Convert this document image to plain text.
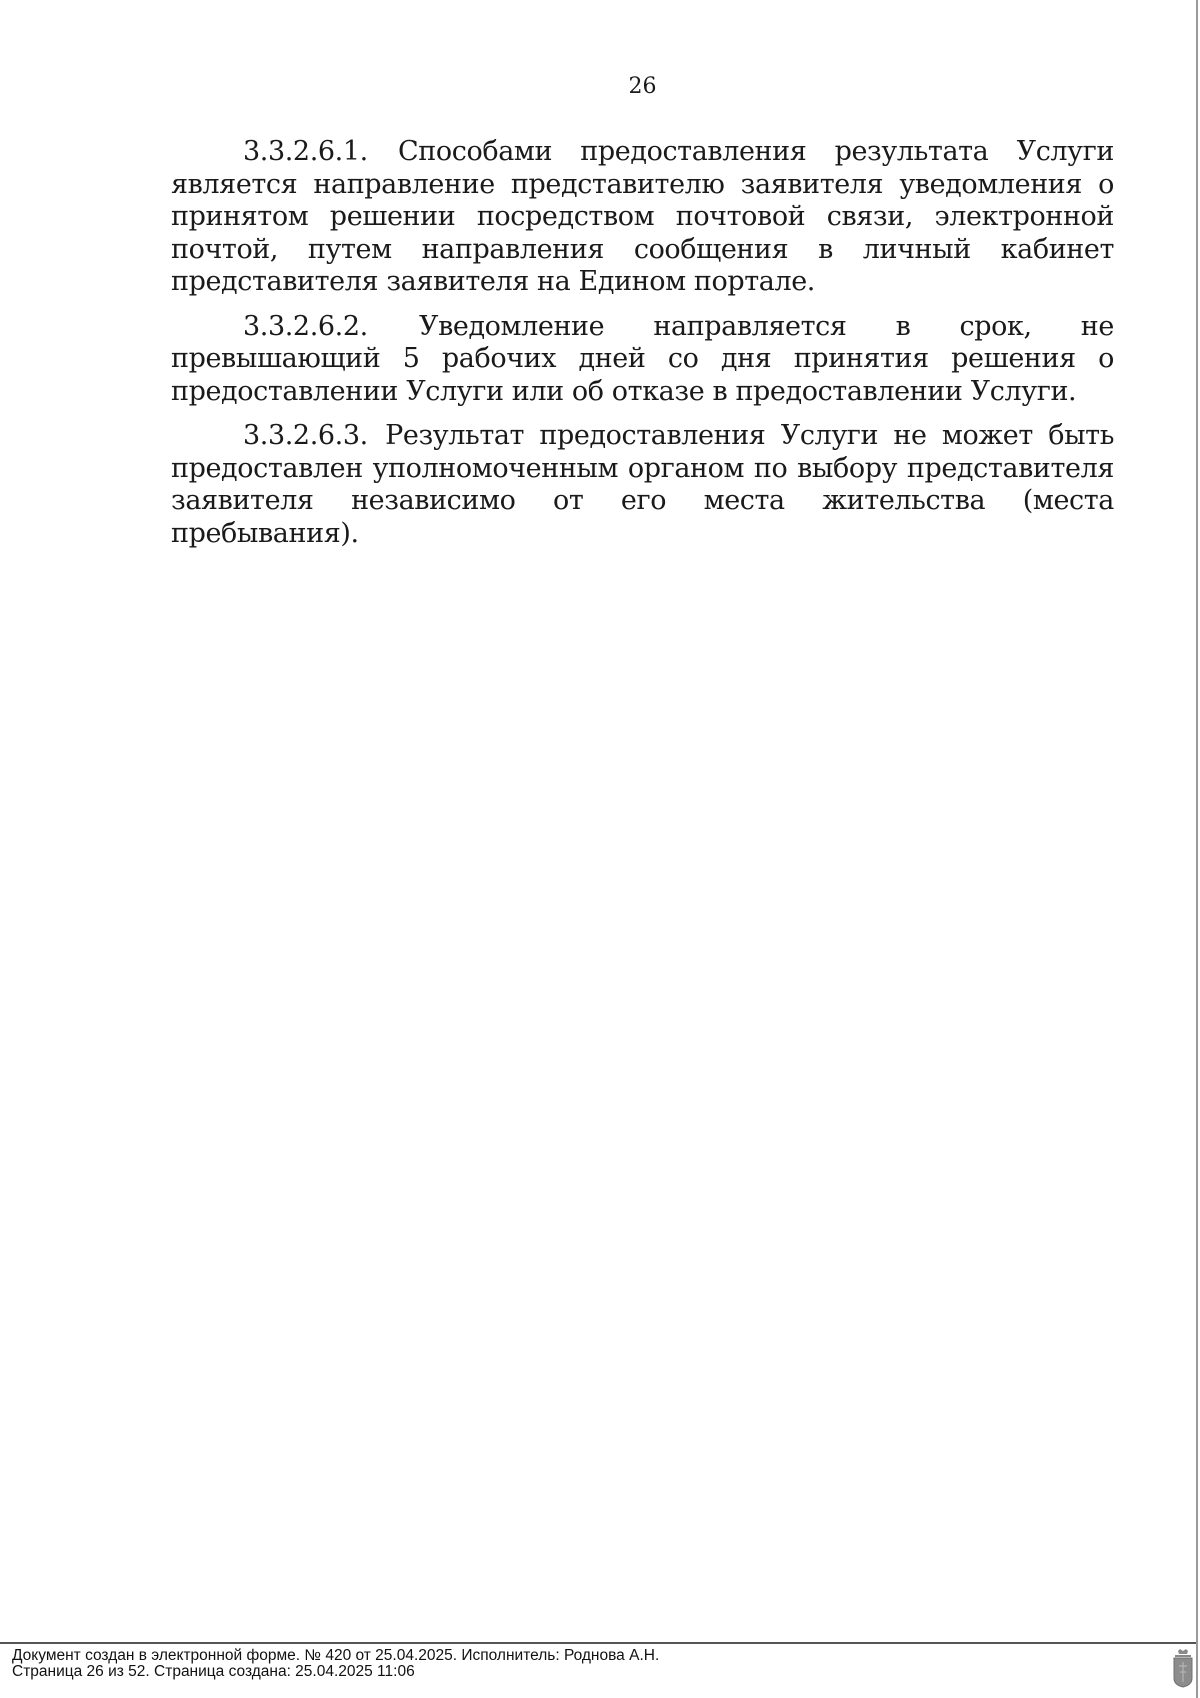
26

3.3.2.6.1. Способами предоставления результата Услуги является направление представителю заявителя уведомления о принятом решении посредством почтовой связи, электронной почтой, путем направления сообщения в личный кабинет представителя заявителя на Едином портале.

3.3.2.6.2. Уведомление направляется в срок, не превышающий 5 рабочих дней со дня принятия решения о предоставлении Услуги или об отказе в предоставлении Услуги.

3.3.2.6.3. Результат предоставления Услуги не может быть предоставлен уполномоченным органом по выбору представителя заявителя независимо от его места жительства (места пребывания).

Документ создан в электронной форме. № 420 от 25.04.2025. Исполнитель: Роднова А.Н.
Страница 26 из 52. Страница создана: 25.04.2025 11:06
